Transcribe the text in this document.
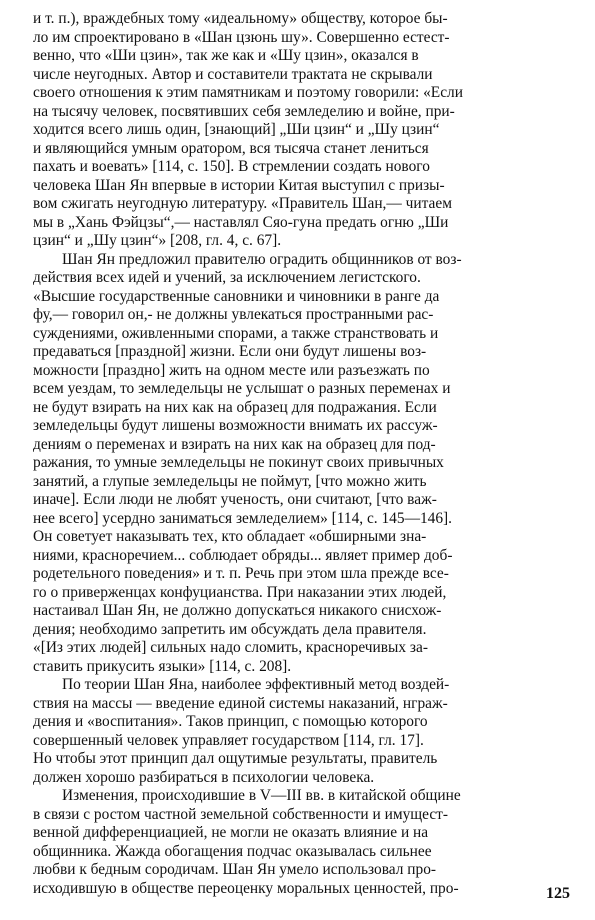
и т. п.), враждебных тому «идеальному» обществу, которое бы-
ло им спроектировано в «Шан цзюнь шу». Совершенно естест-
венно, что «Ши цзин», так же как и «Шу цзин», оказался в
числе неугодных. Автор и составители трактата не скрывали
своего отношения к этим памятникам и поэтому говорили: «Если
на тысячу человек, посвятивших себя земледелию и войне, при-
ходится всего лишь один, [знающий] „Ши цзин“ и „Шу цзин“
и являющийся умным оратором, вся тысяча станет лениться
пахать и воевать» [114, с. 150]. В стремлении создать нового
человека Шан Ян впервые в истории Китая выступил с призы-
вом сжигать неугодную литературу. «Правитель Шан,— читаем
мы в „Хань Фэйцзы“,— наставлял Сяо-гуна предать огню „Ши
цзин“ и „Шу цзин“» [208, гл. 4, с. 67].
Шан Ян предложил правителю оградить общинников от воз-
действия всех идей и учений, за исключением легистского.
«Высшие государственные сановники и чиновники в ранге да
фу,— говорил он,- не должны увлекаться пространными рас-
суждениями, оживленными спорами, а также странствовать и
предаваться [праздной] жизни. Если они будут лишены воз-
можности [праздно] жить на одном месте или разъезжать по
всем уездам, то земледельцы не услышат о разных переменах и
не будут взирать на них как на образец для подражания. Если
земледельцы будут лишены возможности внимать их рассуж-
дениям о переменах и взирать на них как на образец для под-
ражания, то умные земледельцы не покинут своих привычных
занятий, а глупые земледельцы не поймут, [что можно жить
иначе]. Если люди не любят ученость, они считают, [что важ-
нее всего] усердно заниматься земледелием» [114, с. 145—146].
Он советует наказывать тех, кто обладает «обширными зна-
ниями, красноречием... соблюдает обряды... являет пример доб-
родетельного поведения» и т. п. Речь при этом шла прежде все-
го о приверженцах конфуцианства. При наказании этих людей,
настаивал Шан Ян, не должно допускаться никакого снисхож-
дения; необходимо запретить им обсуждать дела правителя.
«[Из этих людей] сильных надо сломить, красноречивых за-
ставить прикусить языки» [114, с. 208].
По теории Шан Яна, наиболее эффективный метод воздей-
ствия на массы — введение единой системы наказаний, нграж-
дения и «воспитания». Таков принцип, с помощью которого
совершенный человек управляет государством [114, гл. 17].
Но чтобы этот принцип дал ощутимые результаты, правитель
должен хорошо разбираться в психологии человека.
Изменения, происходившие в V—III вв. в китайской общине
в связи с ростом частной земельной собственности и имущест-
венной дифференциацией, не могли не оказать влияние и на
общинника. Жажда обогащения подчас оказывалась сильнее
любви к бедным сородичам. Шан Ян умело использовал про-
исходившую в обществе переоценку моральных ценностей, про-	125
